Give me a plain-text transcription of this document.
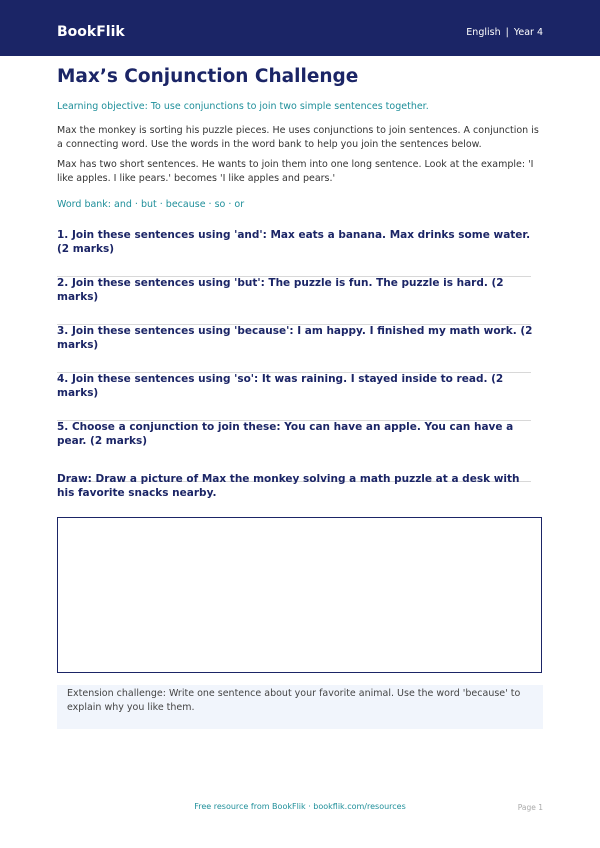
BookFlik	English | Year 4
Max’s Conjunction Challenge

Learning objective: To use conjunctions to join two simple sentences together.

Max the monkey is sorting his puzzle pieces. He uses conjunctions to join sentences. A conjunction is a connecting word. Use the words in the word bank to help you join the sentences below.

Max has two short sentences. He wants to join them into one long sentence. Look at the example: 'I like apples. I like pears.' becomes 'I like apples and pears.'

Word bank: and · but · because · so · or

1. Join these sentences using 'and': Max eats a banana. Max drinks some water. (2 marks)

2. Join these sentences using 'but': The puzzle is fun. The puzzle is hard. (2 marks)

3. Join these sentences using 'because': I am happy. I finished my math work. (2 marks)

4. Join these sentences using 'so': It was raining. I stayed inside to read. (2 marks)

5. Choose a conjunction to join these: You can have an apple. You can have a pear. (2 marks)

Draw: Draw a picture of Max the monkey solving a math puzzle at a desk with his favorite snacks nearby.

Extension challenge: Write one sentence about your favorite animal. Use the word 'because' to explain why you like them.

Free resource from BookFlik · bookflik.com/resources	Page 1
